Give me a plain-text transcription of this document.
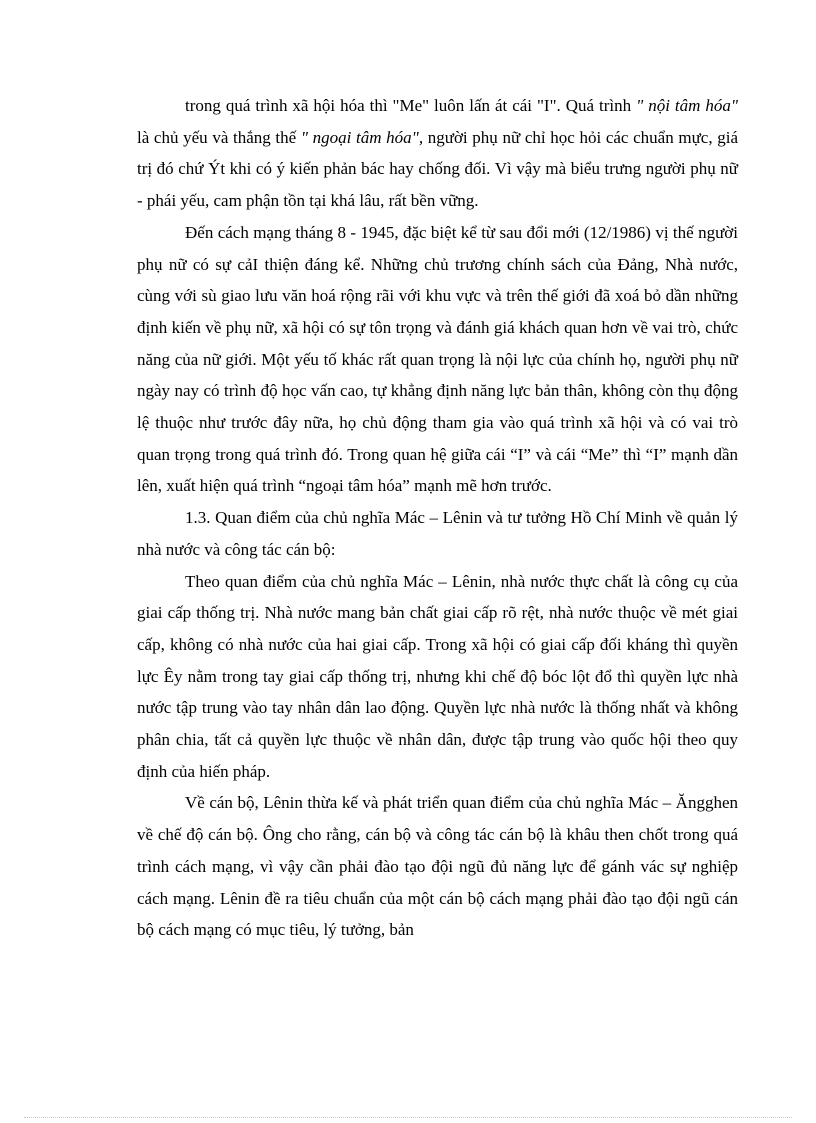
trong quá trình xã hội hóa thì "Me" luôn lấn át cái "I". Quá trình " nội tâm hóa" là chủ yếu và thắng thế " ngoại tâm hóa", người phụ nữ chỉ học hỏi các chuẩn mực, giá trị đó chứ Ýt khi có ý kiến phản bác hay chống đối. Vì vậy mà biểu trưng người phụ nữ - phái yếu, cam phận tồn tại khá lâu, rất bền vững.

Đến cách mạng tháng 8 - 1945, đặc biệt kể từ sau đổi mới (12/1986) vị thế người phụ nữ có sự cảI thiện đáng kể. Những chủ trương chính sách của Đảng, Nhà nước, cùng với sù giao lưu văn hoá rộng rãi với khu vực và trên thế giới đã xoá bỏ dần những định kiến về phụ nữ, xã hội có sự tôn trọng và đánh giá khách quan hơn về vai trò, chức năng của nữ giới. Một yếu tố khác rất quan trọng là nội lực của chính họ, người phụ nữ ngày nay có trình độ học vấn cao, tự khẳng định năng lực bản thân, không còn thụ động lệ thuộc như trước đây nữa, họ chủ động tham gia vào quá trình xã hội và có vai trò quan trọng trong quá trình đó. Trong quan hệ giữa cái “I” và cái “Me” thì “I” mạnh dần lên, xuất hiện quá trình “ngoại tâm hóa” mạnh mẽ hơn trước.

1.3. Quan điểm của chủ nghĩa Mác – Lênin và tư tưởng Hồ Chí Minh về quản lý nhà nước và công tác cán bộ:

Theo quan điểm của chủ nghĩa Mác – Lênin, nhà nước thực chất là công cụ của giai cấp thống trị. Nhà nước mang bản chất giai cấp rõ rệt, nhà nước thuộc về mét giai cấp, không có nhà nước của hai giai cấp. Trong xã hội có giai cấp đối kháng thì quyền lực Êy nằm trong tay giai cấp thống trị, nhưng khi chế độ bóc lột đổ thì quyền lực nhà nước tập trung vào tay nhân dân lao động. Quyền lực nhà nước là thống nhất và không phân chia, tất cả quyền lực thuộc về nhân dân, được tập trung vào quốc hội theo quy định của hiến pháp.

Về cán bộ, Lênin thừa kế và phát triển quan điểm của chủ nghĩa Mác – Ăngghen về chế độ cán bộ. Ông cho rằng, cán bộ và công tác cán bộ là khâu then chốt trong quá trình cách mạng, vì vậy cần phải đào tạo đội ngũ đủ năng lực để gánh vác sự nghiệp cách mạng. Lênin đề ra tiêu chuẩn của một cán bộ cách mạng phải đào tạo đội ngũ cán bộ cách mạng có mục tiêu, lý tưởng, bản
